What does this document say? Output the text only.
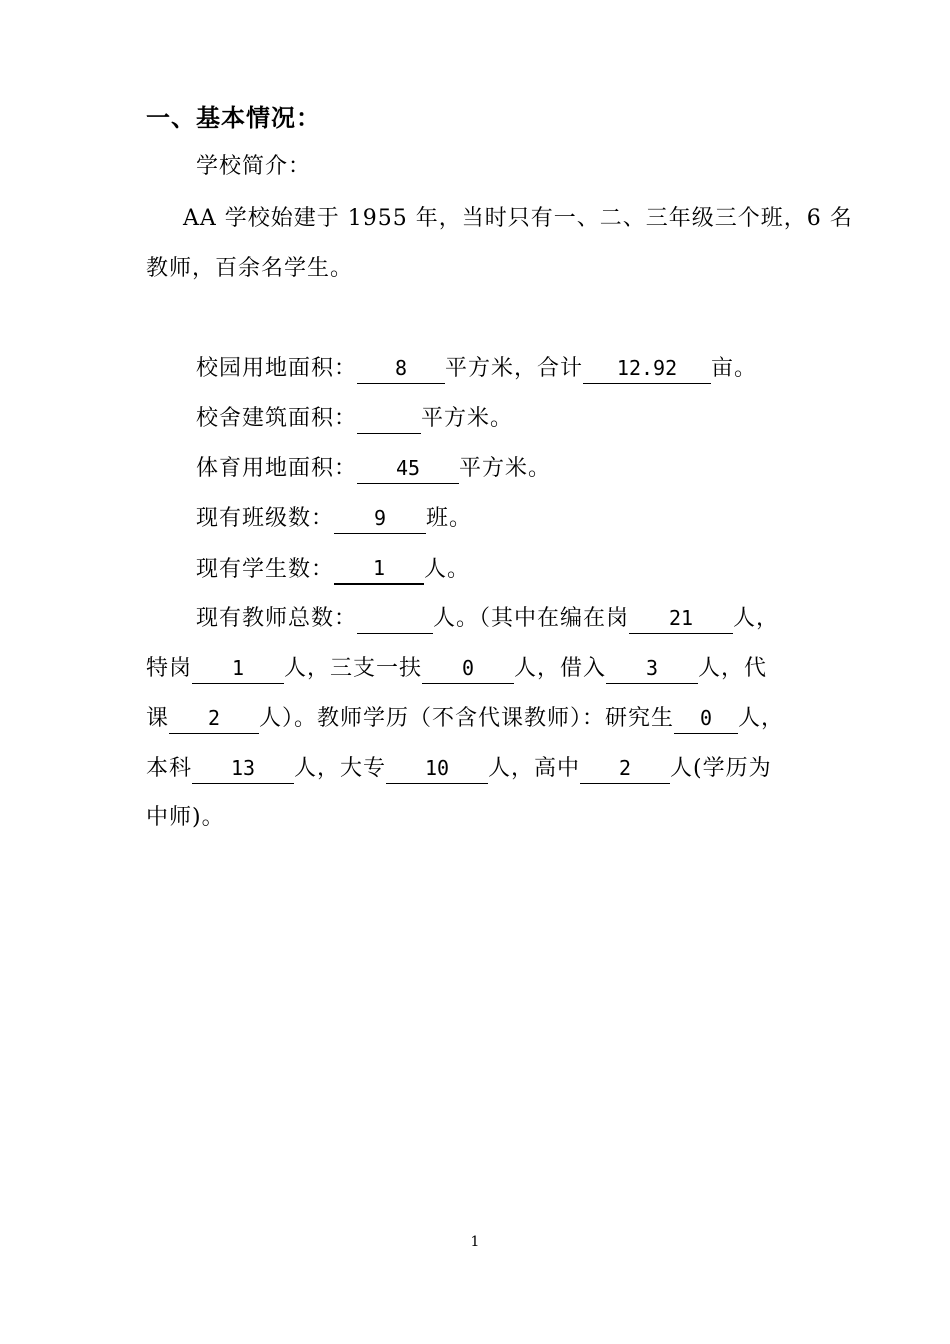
一、基本情况：
学校简介：
AA 学校始建于 1955 年，当时只有一、二、三年级三个班，6 名
教师，百余名学生。
校园用地面积： 8 平方米，合计 12.92 亩。
校舍建筑面积：	平方米。
体育用地面积： 45 平方米。
现有班级数： 9 班。
现有学生数： 1 人。
现有教师总数：	人。（其中在编在岗 21 人，
特岗 1 人，三支一扶 0 人，借入 3 人，代
课 2 人）。教师学历（不含代课教师）：研究生 0 人，
本科 13 人，大专 10 人，高中 2 人(学历为
中师)。
1
